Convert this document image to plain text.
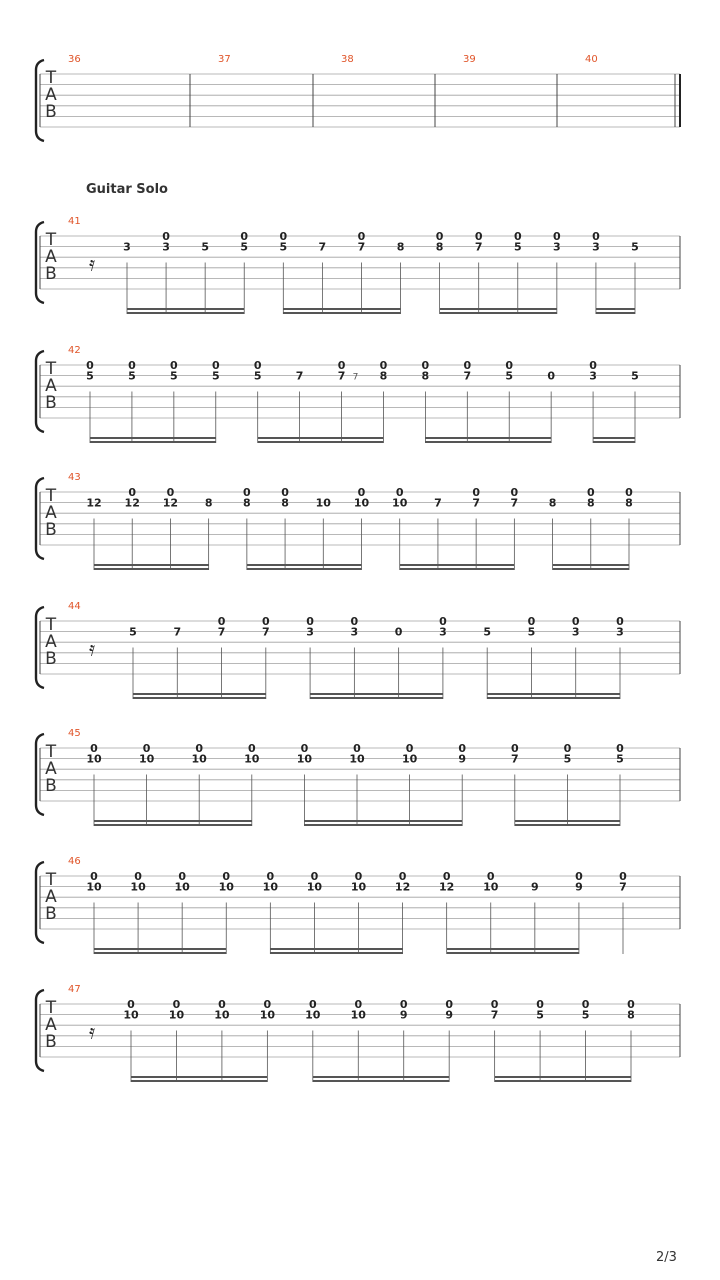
Guitar Solo
2/3
T
A
B
36	37	38	39	40
T
A
B
41
𝄿
3
0
3	5
0
5
0
5	7
0
7	8
0
8
0
7
0
5
0
3
0
3	5
T
A
B
42
0
5
0
5
0
5
0
5
0
5	7
0
7
0
8
7
0
8
0
7
0
5	0
0
3	5
T
A
B
43
12
0
12
0
12 8
0
8
0
8 10
0
10
0
10 7
0
7
0
7	8
0
8
0
8
T
A
B
44
𝄿
5	7
0
7
0
7
0
3
0
3	0
0
3	5
0
5
0
3
0
3
T
A
B
45
0
10
0
10
0
10
0
10
0
10
0
10
0
10
0
9
0
7
0
5
0
5
T
A
B
46
0
10
0
10
0
10
0
10
0
10
0
10
0
10
0
12
0
12
0
10	9
0
9
0
7
T
A
B
47
𝄿
0
10
0
10
0
10
0
10
0
10
0
10
0
9
0
9
0
7
0
5
0
5
0
8
